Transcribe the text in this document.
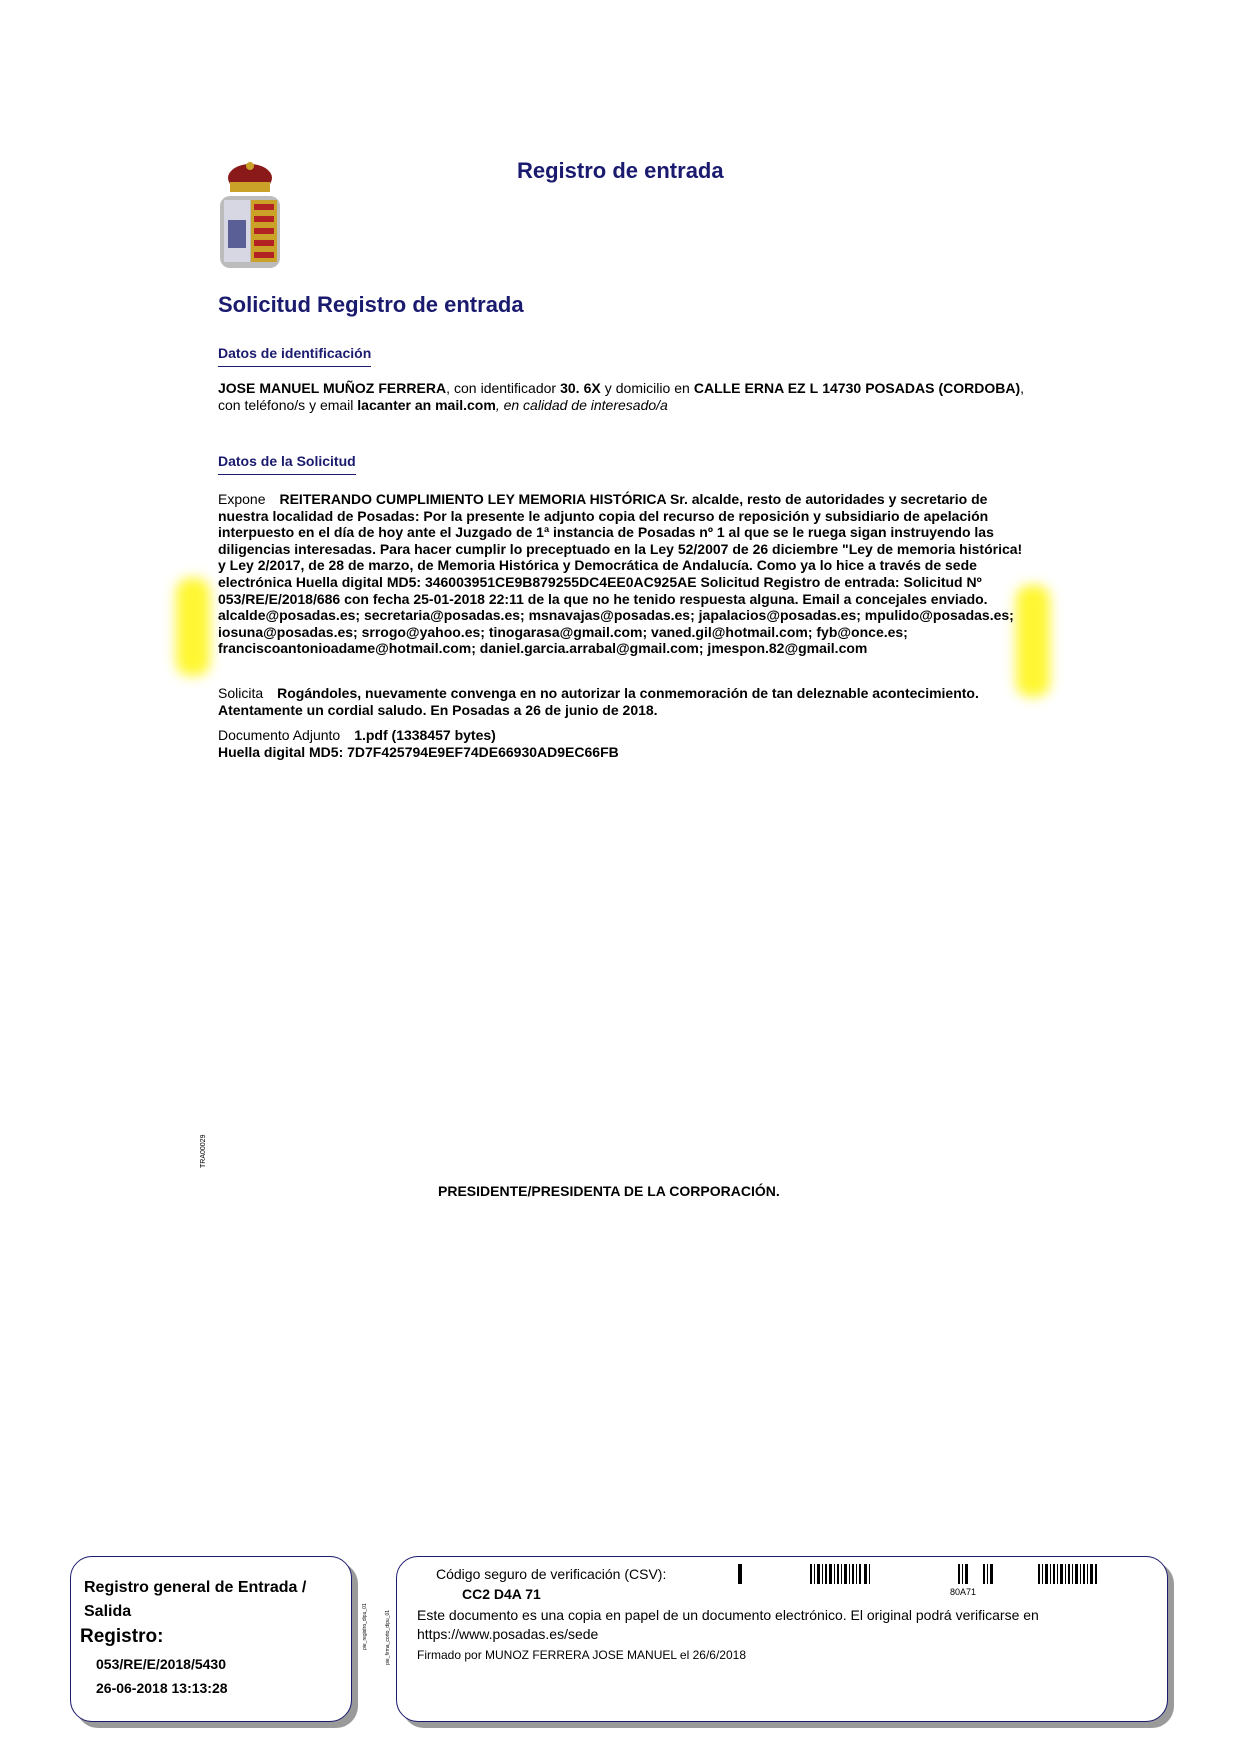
Registro de entrada
Solicitud Registro de entrada
Datos de identificación
JOSE MANUEL MUÑOZ FERRERA, con identificador 30. 6X y domicilio en CALLE ERNA EZ L 14730 POSADAS (CORDOBA), con teléfono/s y email lacanter an mail.com, en calidad de interesado/a
Datos de la Solicitud
Expone REITERANDO CUMPLIMIENTO LEY MEMORIA HISTÓRICA Sr. alcalde, resto de autoridades y secretario de nuestra localidad de Posadas: Por la presente le adjunto copia del recurso de reposición y subsidiario de apelación interpuesto en el día de hoy ante el Juzgado de 1ª instancia de Posadas nº 1 al que se le ruega sigan instruyendo las diligencias interesadas. Para hacer cumplir lo preceptuado en la Ley 52/2007 de 26 diciembre "Ley de memoria histórica! y Ley 2/2017, de 28 de marzo, de Memoria Histórica y Democrática de Andalucía. Como ya lo hice a través de sede electrónica Huella digital MD5: 346003951CE9B879255DC4EE0AC925AE Solicitud Registro de entrada: Solicitud Nº 053/RE/E/2018/686 con fecha 25-01-2018 22:11 de la que no he tenido respuesta alguna. Email a concejales enviado. alcalde@posadas.es; secretaria@posadas.es; msnavajas@posadas.es; japalacios@posadas.es; mpulido@posadas.es; iosuna@posadas.es; srrogo@yahoo.es; tinogarasa@gmail.com; vaned.gil@hotmail.com; fyb@once.es; franciscoantonioadame@hotmail.com; daniel.garcia.arrabal@gmail.com; jmespon.82@gmail.com
Solicita Rogándoles, nuevamente convenga en no autorizar la conmemoración de tan deleznable acontecimiento. Atentamente un cordial saludo. En Posadas a 26 de junio de 2018.
Documento Adjunto 1.pdf (1338457 bytes)
Huella digital MD5: 7D7F425794E9EF74DE66930AD9EC66FB
TRA00029
PRESIDENTE/PRESIDENTA DE LA CORPORACIÓN.
Registro general de Entrada / Salida
Registro:
053/RE/E/2018/5430
26-06-2018 13:13:28
pie_registro_dipu_01	pie_firma_corto_dipu_01
Código seguro de verificación (CSV):
CC2 D4A 71	80A71
Este documento es una copia en papel de un documento electrónico. El original podrá verificarse en https://www.posadas.es/sede
Firmado por MUNOZ FERRERA JOSE MANUEL el 26/6/2018
